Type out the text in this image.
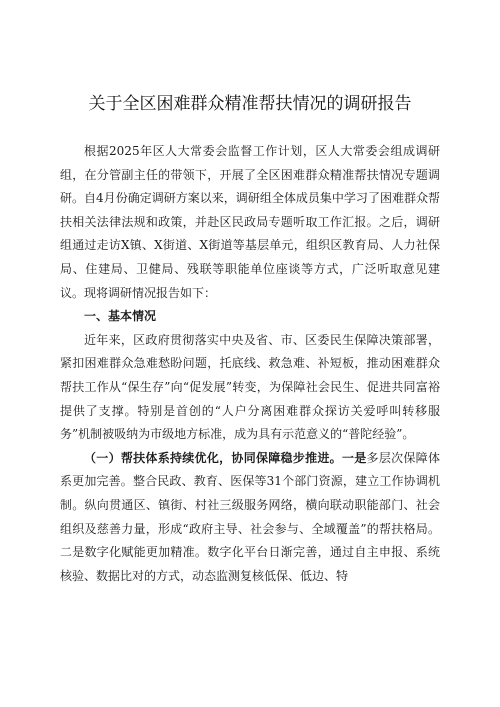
关于全区困难群众精准帮扶情况的调研报告

根据2025年区人大常委会监督工作计划，区人大常委会组成调研组，在分管副主任的带领下，开展了全区困难群众精准帮扶情况专题调研。自4月份确定调研方案以来，调研组全体成员集中学习了困难群众帮扶相关法律法规和政策，并赴区民政局专题听取工作汇报。之后，调研组通过走访X镇、X街道、X街道等基层单元，组织区教育局、人力社保局、住建局、卫健局、残联等职能单位座谈等方式，广泛听取意见建议。现将调研情况报告如下：

一、基本情况

近年来，区政府贯彻落实中央及省、市、区委民生保障决策部署，紧扣困难群众急难愁盼问题，托底线、救急难、补短板，推动困难群众帮扶工作从“保生存”向“促发展”转变，为保障社会民生、促进共同富裕提供了支撑。特别是首创的“人户分离困难群众探访关爱呼叫转移服务”机制被吸纳为市级地方标准，成为具有示范意义的“普陀经验”。

（一）帮扶体系持续优化，协同保障稳步推进。一是多层次保障体系更加完善。整合民政、教育、医保等31个部门资源，建立工作协调机制。纵向贯通区、镇街、村社三级服务网络，横向联动职能部门、社会组织及慈善力量，形成“政府主导、社会参与、全域覆盖”的帮扶格局。二是数字化赋能更加精准。数字化平台日渐完善，通过自主申报、系统核验、数据比对的方式，动态监测复核低保、低边、特
